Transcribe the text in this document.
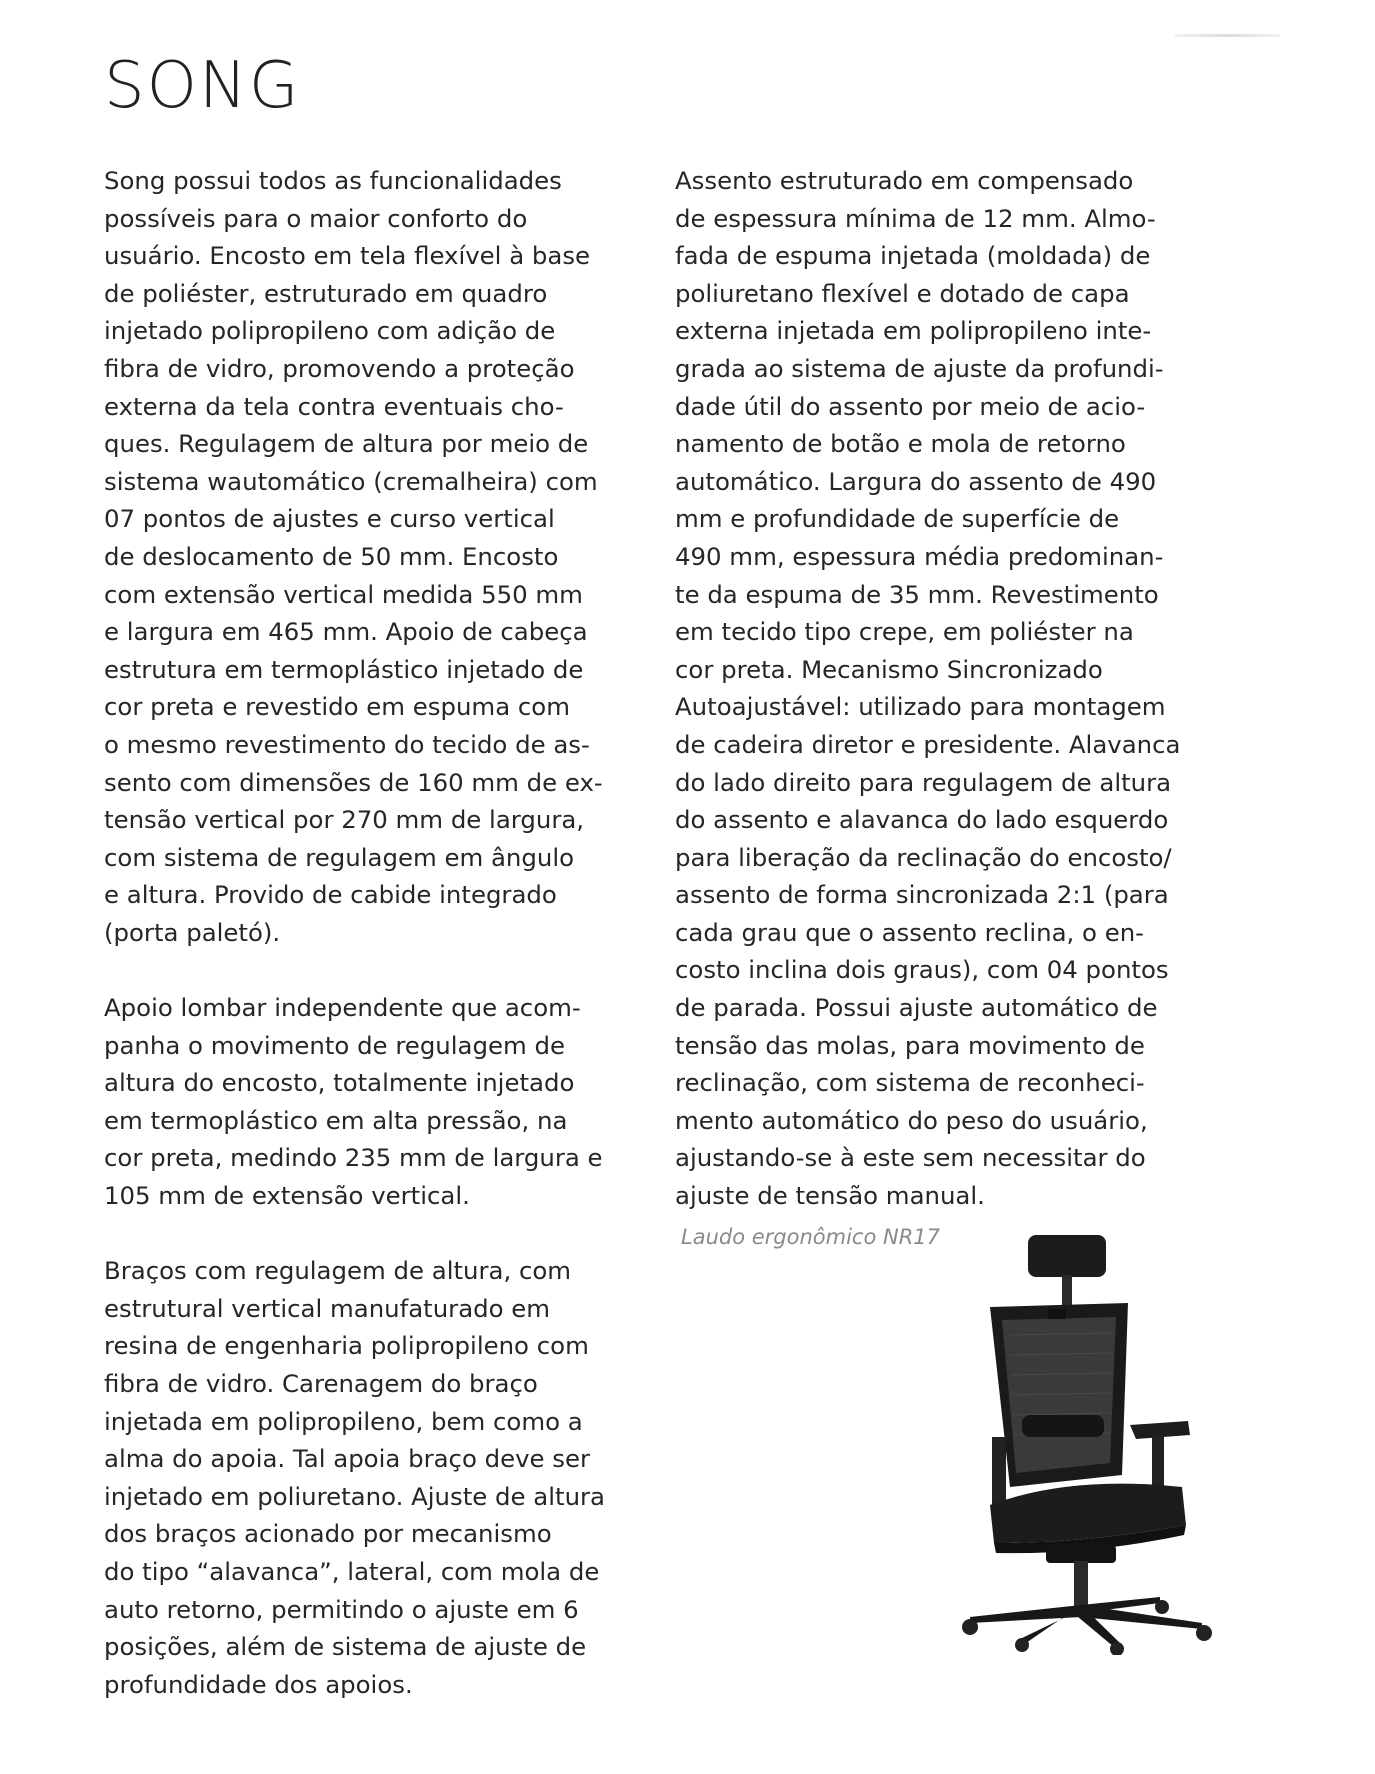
SONG

Song possui todos as funcionalidades
possíveis para o maior conforto do
usuário. Encosto em tela flexível à base
de poliéster, estruturado em quadro
injetado polipropileno com adição de
fibra de vidro, promovendo a proteção
externa da tela contra eventuais cho-
ques. Regulagem de altura por meio de
sistema wautomático (cremalheira) com
07 pontos de ajustes e curso vertical
de deslocamento de 50 mm. Encosto
com extensão vertical medida 550 mm
e largura em 465 mm. Apoio de cabeça
estrutura em termoplástico injetado de
cor preta e revestido em espuma com
o mesmo revestimento do tecido de as-
sento com dimensões de 160 mm de ex-
tensão vertical por 270 mm de largura,
com sistema de regulagem em ângulo
e altura. Provido de cabide integrado
(porta paletó).

Apoio lombar independente que acom-
panha o movimento de regulagem de
altura do encosto, totalmente injetado
em termoplástico em alta pressão, na
cor preta, medindo 235 mm de largura e
105 mm de extensão vertical.

Braços com regulagem de altura, com
estrutural vertical manufaturado em
resina de engenharia polipropileno com
fibra de vidro. Carenagem do braço
injetada em polipropileno, bem como a
alma do apoia. Tal apoia braço deve ser
injetado em poliuretano. Ajuste de altura
dos braços acionado por mecanismo
do tipo “alavanca”, lateral, com mola de
auto retorno, permitindo o ajuste em 6
posições, além de sistema de ajuste de
profundidade dos apoios.

Assento estruturado em compensado
de espessura mínima de 12 mm. Almo-
fada de espuma injetada (moldada) de
poliuretano flexível e dotado de capa
externa injetada em polipropileno inte-
grada ao sistema de ajuste da profundi-
dade útil do assento por meio de acio-
namento de botão e mola de retorno
automático. Largura do assento de 490
mm e profundidade de superfície de
490 mm, espessura média predominan-
te da espuma de 35 mm. Revestimento
em tecido tipo crepe, em poliéster na
cor preta. Mecanismo Sincronizado
Autoajustável: utilizado para montagem
de cadeira diretor e presidente. Alavanca
do lado direito para regulagem de altura
do assento e alavanca do lado esquerdo
para liberação da reclinação do encosto/
assento de forma sincronizada 2:1 (para
cada grau que o assento reclina, o en-
costo inclina dois graus), com 04 pontos
de parada. Possui ajuste automático de
tensão das molas, para movimento de
reclinação, com sistema de reconheci-
mento automático do peso do usuário,
ajustando-se à este sem necessitar do
ajuste de tensão manual.

Laudo ergonômico NR17
